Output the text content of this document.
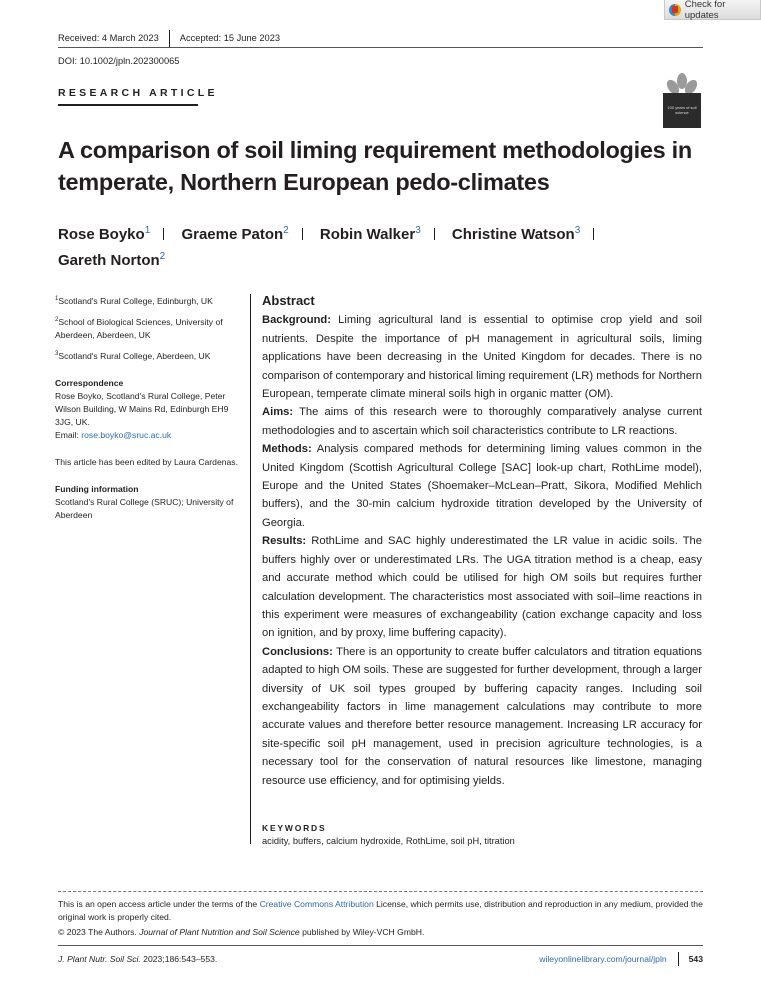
Check for updates
Received: 4 March 2023 Accepted: 15 June 2023
DOI: 10.1002/jpln.202300065
100 years of soil science
RESEARCH ARTICLE
A comparison of soil liming requirement methodologies in temperate, Northern European pedo-climates
Rose Boyko$^1$ Graeme Paton$^2$ Robin Walker$^3$ Christine Watson$^3$
Gareth Norton$^2$

$^1$Scotland's Rural College, Edinburgh, UK

$^2$School of Biological Sciences, University of Aberdeen, Aberdeen, UK

$^3$Scotland's Rural College, Aberdeen, UK

Correspondence
Rose Boyko, Scotland's Rural College, Peter Wilson Building, W Mains Rd, Edinburgh EH9 3JG, UK.

Email: rose.boyko@sruc.ac.uk

This article has been edited by Laura Cardenas.

Funding information
Scotland's Rural College (SRUC); University of Aberdeen
Abstract

Background: Liming agricultural land is essential to optimise crop yield and soil nutrients. Despite the importance of pH management in agricultural soils, liming applications have been decreasing in the United Kingdom for decades. There is no comparison of contemporary and historical liming requirement (LR) methods for Northern European, temperate climate mineral soils high in organic matter (OM).

Aims: The aims of this research were to thoroughly comparatively analyse current methodologies and to ascertain which soil characteristics contribute to LR reactions.

Methods: Analysis compared methods for determining liming values common in the United Kingdom (Scottish Agricultural College [SAC] look-up chart, RothLime model), Europe and the United States (Shoemaker–McLean–Pratt, Sikora, Modified Mehlich buffers), and the 30-min calcium hydroxide titration developed by the University of Georgia.

Results: RothLime and SAC highly underestimated the LR value in acidic soils. The buffers highly over or underestimated LRs. The UGA titration method is a cheap, easy and accurate method which could be utilised for high OM soils but requires further calculation development. The characteristics most associated with soil–lime reactions in this experiment were measures of exchangeability (cation exchange capacity and loss on ignition, and by proxy, lime buffering capacity).

Conclusions: There is an opportunity to create buffer calculators and titration equations adapted to high OM soils. These are suggested for further development, through a larger diversity of UK soil types grouped by buffering capacity ranges. Including soil exchangeability factors in lime management calculations may contribute to more accurate values and therefore better resource management. Increasing LR accuracy for site-specific soil pH management, used in precision agriculture technologies, is a necessary tool for the conservation of natural resources like limestone, managing resource use efficiency, and for optimising yields.

KEYWORDS
acidity, buffers, calcium hydroxide, RothLime, soil pH, titration

This is an open access article under the terms of the Creative Commons Attribution License, which permits use, distribution and reproduction in any medium, provided the original work is properly cited.

© 2023 The Authors. Journal of Plant Nutrition and Soil Science published by Wiley-VCH GmbH.

J. Plant Nutr. Soil Sci. 2023;186:543–553.	wileyonlinelibrary.com/journal/jpln	543
